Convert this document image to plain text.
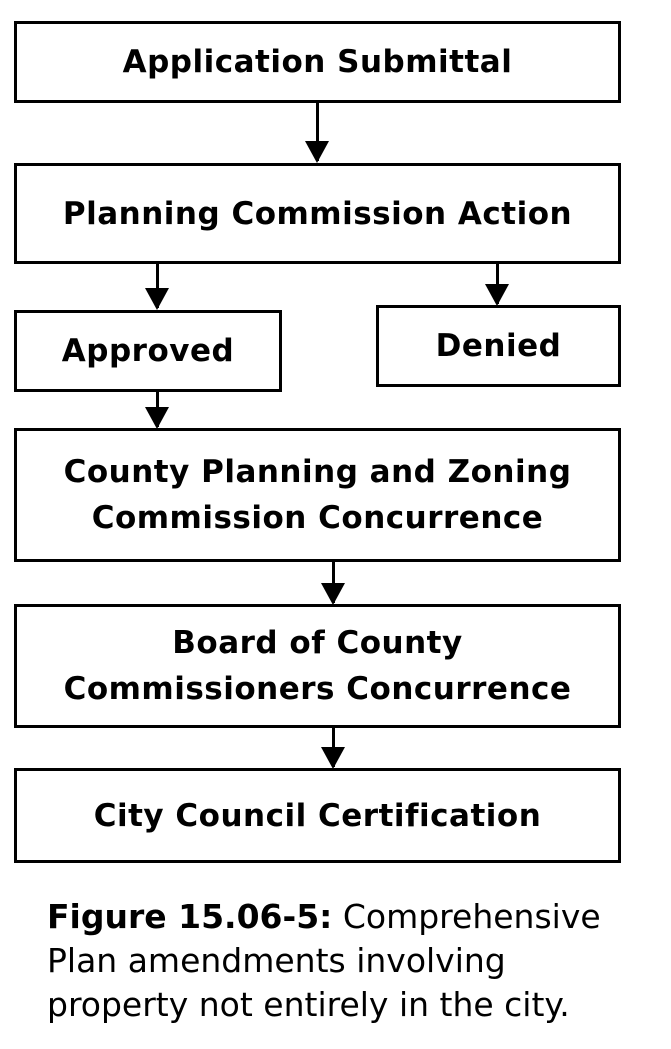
Application Submittal
Planning Commission Action
Approved	Denied
County Planning and Zoning
Commission Concurrence
Board of County
Commissioners Concurrence
City Council Certification
Figure 15.06-5: Comprehensive
Plan amendments involving
property not entirely in the city.
